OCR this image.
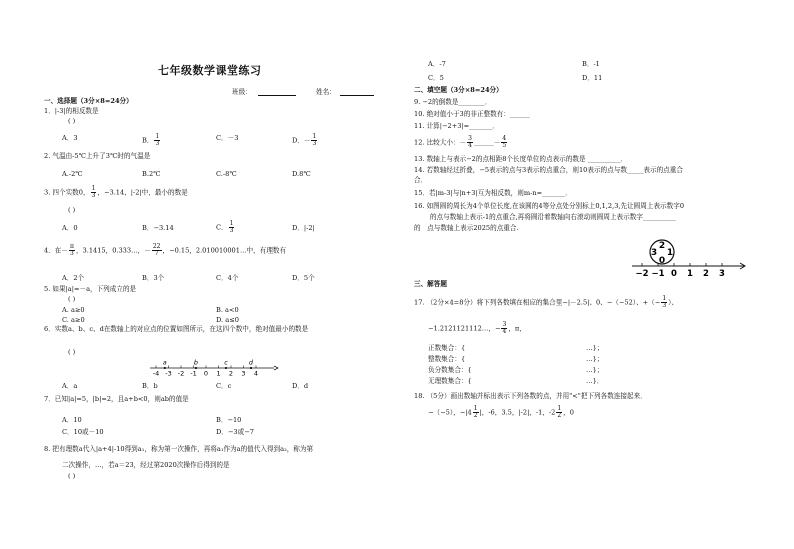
七年级数学课堂练习
班级：	姓名：
一、选择题（3分×8=24分）
1．|-3|的相反数是
( )
A．3	B． $\frac{1}{3}$	C．－3	D．－ $\frac{1}{3}$
2. 气温由-5℃上升了3℃时的气温是
A.-2℃	B.2℃	C.-8℃	D.8℃
3. 四个实数0， $\frac{1}{3}$ ，−3.14，|-2|中，最小的数是
( )
A．0	B．−3.14	C． $\frac{1}{3}$	D．|-2|
4．在－ $\frac{\pi}{3}$ ，3.1415，0.333…，－ $\frac{22}{7}$ ，−0.15，2.010010001…中，有理数有
A．2个	B．3个	C．4个	D．5个
5. 如果|a|=－a，下列成立的是
( )
A. a≥0	B. a<0
C. a≥0	D. a≤0
6．实数a、b、c、d在数轴上的对应点的位置如图所示，在这四个数中，绝对值最小的数是
( )
-4 -3 -2 -1 0 1 2 3 4
a	b	c	d
A．a	B．b	C．c	D．d
7．已知|a|=5，|b|=2，且a+b<0，则ab的值是
A．10	B．−10
C．10或－10	D．−3或−7
8. 把有理数a代入|a+4|-10得到a₁，称为第一次操作，再将a₁作为a的值代入得到a₂，称为第
二次操作，…，若a＝23，经过第2020次操作后得到的是
( )
A．-7	B．-1
C．5	D．11
二、填空题（3分×8=24分）
9. −2的倒数是________．
10. 绝对值小于3的非正整数有：______
11. 计算|−2+3|=_______．
12. 比较大小：－ $\frac{3}{4}$ ______－ $\frac{4}{5}$
13. 数轴上与表示−2的点相距8个长度单位的点表示的数是 __________．
14. 若数轴经过折叠，−5表示的点与3表示的点重合，则10表示的点与数_____表示的点重合
合．
15．若|m-3|与|n+3|互为相反数，则m-n=_______．
16. 如图圆的周长为4个单位长度,在该圆的4等分点处分别标上0,1,2,3,先让圆周上表示数字0
的点与数轴上表示-1的点重合,再将圆沿着数轴向右滚动则圆周上表示数字__________
的　点与数轴上表示2025的点重合.
2
3 1
0
−2 −1 0 1 2 3
三、解答题
17. （2分×4=8分）将下列各数填在相应的集合里−|－2.5|、0、−（−52）、+（− $\frac{1}{3}$ ）、
−1.2121121112…，− $\frac{3}{4}$ ，π，
正数集合：{	…}；
整数集合：{	…}；
负分数集合：{	…}；
无理数集合：{	…}．
18. （5分）画出数轴并标出表示下列各数的点，并用"<"把下列各数连接起来．
−（−5），$-|4 \frac{1}{2}$ |，-6，3.5，|-2|，-1，$-2 \frac{1}{2}$ ，0
